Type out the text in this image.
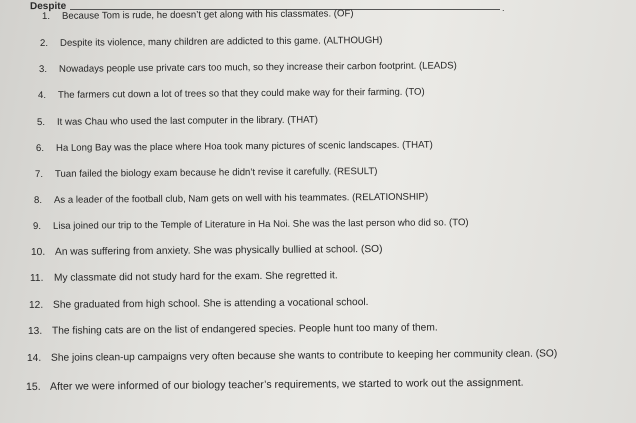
Despite	.
1. Because Tom is rude, he doesn’t get along with his classmates. (OF)
2. Despite its violence, many children are addicted to this game. (ALTHOUGH)
3. Nowadays people use private cars too much, so they increase their carbon footprint. (LEADS)
4. The farmers cut down a lot of trees so that they could make way for their farming. (TO)
5. It was Chau who used the last computer in the library. (THAT)
6. Ha Long Bay was the place where Hoa took many pictures of scenic landscapes. (THAT)
7. Tuan failed the biology exam because he didn’t revise it carefully. (RESULT)
8. As a leader of the football club, Nam gets on well with his teammates. (RELATIONSHIP)
9. Lisa joined our trip to the Temple of Literature in Ha Noi. She was the last person who did so. (TO)
10. An was suffering from anxiety. She was physically bullied at school. (SO)
11. My classmate did not study hard for the exam. She regretted it.
12. She graduated from high school. She is attending a vocational school.
13. The fishing cats are on the list of endangered species. People hunt too many of them.
14. She joins clean-up campaigns very often because she wants to contribute to keeping her community clean. (SO)
15. After we were informed of our biology teacher’s requirements, we started to work out the assignment.
